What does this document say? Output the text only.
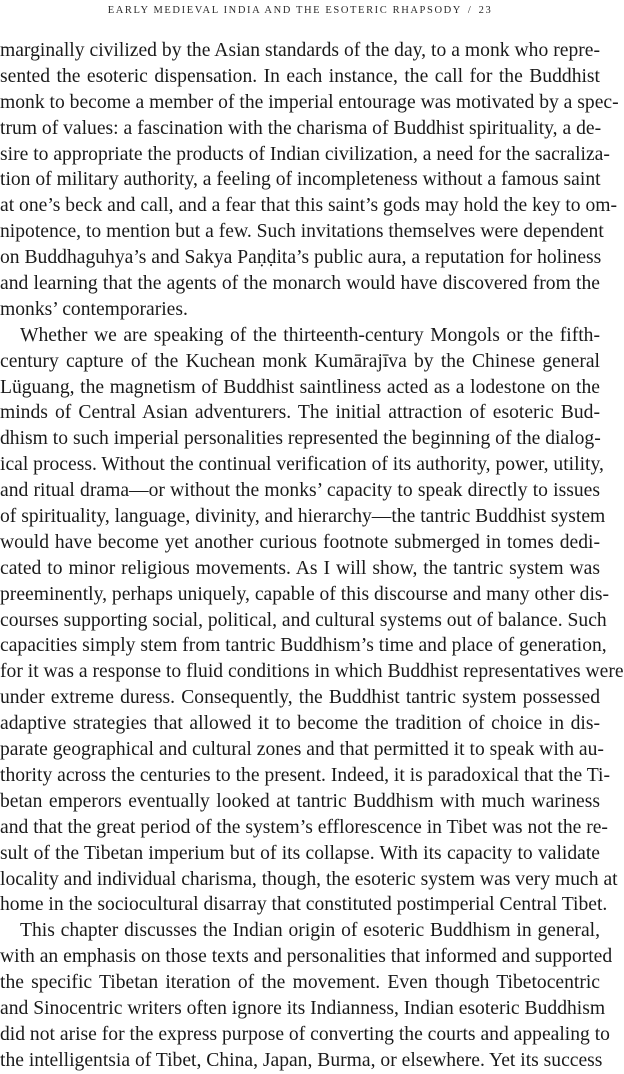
EARLY MEDIEVAL INDIA AND THE ESOTERIC RHAPSODY / 23
marginally civilized by the Asian standards of the day, to a monk who repre-
sented the esoteric dispensation. In each instance, the call for the Buddhist
monk to become a member of the imperial entourage was motivated by a spec-
trum of values: a fascination with the charisma of Buddhist spirituality, a de-
sire to appropriate the products of Indian civilization, a need for the sacraliza-
tion of military authority, a feeling of incompleteness without a famous saint
at one’s beck and call, and a fear that this saint’s gods may hold the key to om-
nipotence, to mention but a few. Such invitations themselves were dependent
on Buddhaguhya’s and Sakya Paṇḍita’s public aura, a reputation for holiness
and learning that the agents of the monarch would have discovered from the
monks’ contemporaries.
Whether we are speaking of the thirteenth-century Mongols or the fifth-
century capture of the Kuchean monk Kumārajīva by the Chinese general
Lüguang, the magnetism of Buddhist saintliness acted as a lodestone on the
minds of Central Asian adventurers. The initial attraction of esoteric Bud-
dhism to such imperial personalities represented the beginning of the dialog-
ical process. Without the continual verification of its authority, power, utility,
and ritual drama—or without the monks’ capacity to speak directly to issues
of spirituality, language, divinity, and hierarchy—the tantric Buddhist system
would have become yet another curious footnote submerged in tomes dedi-
cated to minor religious movements. As I will show, the tantric system was
preeminently, perhaps uniquely, capable of this discourse and many other dis-
courses supporting social, political, and cultural systems out of balance. Such
capacities simply stem from tantric Buddhism’s time and place of generation,
for it was a response to fluid conditions in which Buddhist representatives were
under extreme duress. Consequently, the Buddhist tantric system possessed
adaptive strategies that allowed it to become the tradition of choice in dis-
parate geographical and cultural zones and that permitted it to speak with au-
thority across the centuries to the present. Indeed, it is paradoxical that the Ti-
betan emperors eventually looked at tantric Buddhism with much wariness
and that the great period of the system’s efflorescence in Tibet was not the re-
sult of the Tibetan imperium but of its collapse. With its capacity to validate
locality and individual charisma, though, the esoteric system was very much at
home in the sociocultural disarray that constituted postimperial Central Tibet.
This chapter discusses the Indian origin of esoteric Buddhism in general,
with an emphasis on those texts and personalities that informed and supported
the specific Tibetan iteration of the movement. Even though Tibetocentric
and Sinocentric writers often ignore its Indianness, Indian esoteric Buddhism
did not arise for the express purpose of converting the courts and appealing to
the intelligentsia of Tibet, China, Japan, Burma, or elsewhere. Yet its success
